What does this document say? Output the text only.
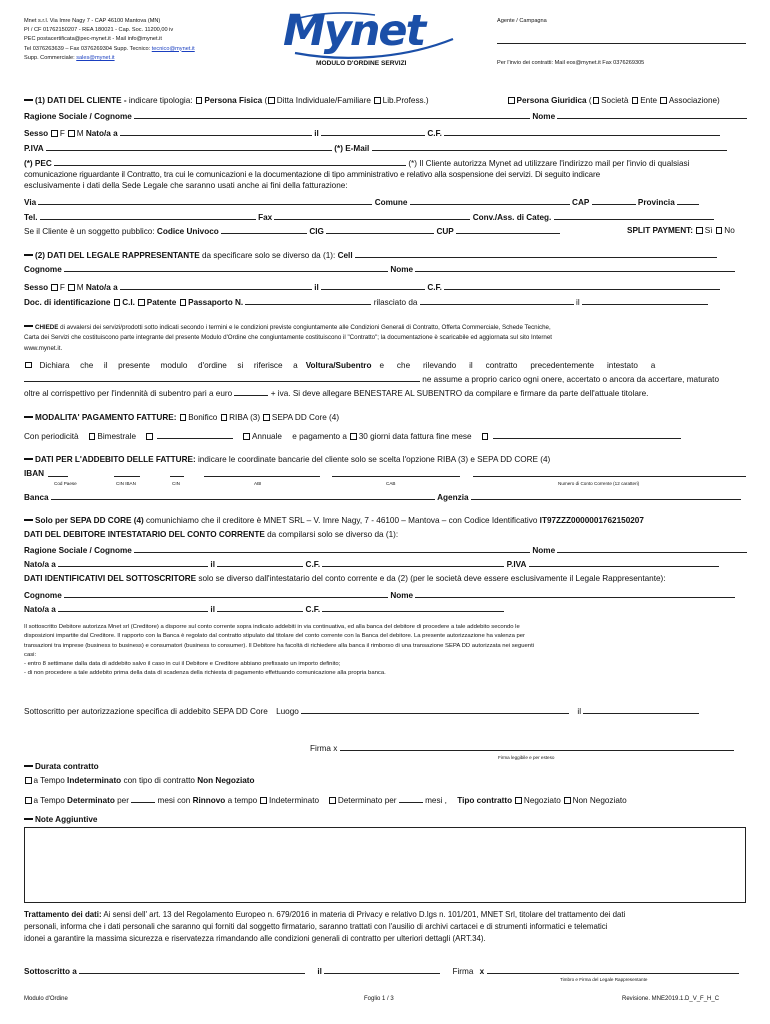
Mnet s.r.l. Via Imre Nagy 7 - CAP 46100 Mantova (MN)
PI / CF 01762150207 - REA 180021 - Cap. Soc. 11200,00 iv
PEC postacertificata@pec-mynet.it - Mail info@mynet.it
Tel 0376263639 – Fax 0376269304 Supp. Tecnico: tecnico@mynet.it
Supp. Commerciale: sales@mynet.it
Mynet
MODULO D'ORDINE SERVIZI
Agente / Campagna
Per l'invio dei contratti: Mail eos@mynet.it Fax 0376269305
(1) DATI DEL CLIENTE - indicare tipologia: Persona Fisica ( Ditta Individuale/Familiare Lib.Profess.)	Persona Giuridica ( Società Ente Associazione)
Ragione Sociale / Cognome	Nome
Sesso F M Nato/a a	il	C.F.
P.IVA	(*) E-Mail
(*) PEC	(*) Il Cliente autorizza Mynet ad utilizzare l'indirizzo mail per l'invio di qualsiasi
comunicazione riguardante il Contratto, tra cui le comunicazioni e la documentazione di tipo amministrativo e relativo alla sospensione dei servizi. Di seguito indicare
esclusivamente i dati della Sede Legale che saranno usati anche ai fini della fatturazione:
Via	Comune	CAP	Provincia
Tel.	Fax	Conv./Ass. di Categ.
Se il Cliente è un soggetto pubblico: Codice Univoco	CIG	CUP	SPLIT PAYMENT: Sì No
(2) DATI DEL LEGALE RAPPRESENTANTE da specificare solo se diverso da (1): Cell
Cognome	Nome
Sesso F M Nato/a a	il	C.F.
Doc. di identificazione C.I. Patente Passaporto N.	rilasciato da	il
CHIEDE di avvalersi dei servizi/prodotti sotto indicati secondo i termini e le condizioni previste congiuntamente alle Condizioni Generali di Contratto, Offerta Commerciale, Schede Tecniche,
Carta dei Servizi che costituiscono parte integrante del presente Modulo d'Ordine che congiuntamente costituiscono il "Contratto"; la documentazione è scaricabile ed aggiornata sul sito Internet
www.mynet.it.
Dichiara che il presente modulo d'ordine si riferisce a Voltura/Subentro e che rilevando il contratto precedentemente intestato a
ne assume a proprio carico ogni onere, accertato o ancora da accertare, maturato
oltre al corrispettivo per l'indennità di subentro pari a euro	+ iva. Si deve allegare BENESTARE AL SUBENTRO da compilare e firmare da parte dell'attuale titolare.
MODALITA' PAGAMENTO FATTURE: Bonifico RIBA (3) SEPA DD Core (4)
Con periodicità Bimestrale	Annuale e pagamento a 30 giorni data fattura fine mese
DATI PER L'ADDEBITO DELLE FATTURE: indicare le coordinate bancarie del cliente solo se scelta l'opzione RIBA (3) e SEPA DD CORE (4)
IBAN
Cod Paese	CIN IBAN	CIN	ABI	CAB	Numero di Conto Corrente (12 caratteri)
Banca	Agenzia
Solo per SEPA DD CORE (4) comunichiamo che il creditore è MNET SRL – V. Imre Nagy, 7 - 46100 – Mantova – con Codice Identificativo IT97ZZZ0000001762150207
DATI DEL DEBITORE INTESTATARIO DEL CONTO CORRENTE da compilarsi solo se diverso da (1):
Ragione Sociale / Cognome	Nome
Nato/a a	il	C.F.	P.IVA
DATI IDENTIFICATIVI DEL SOTTOSCRITORE solo se diverso dall'intestatario del conto corrente e da (2) (per le società deve essere esclusivamente il Legale Rappresentante):
Cognome	Nome
Nato/a a	il	C.F.
Il sottoscritto Debitore autorizza Mnet srl (Creditore) a disporre sul conto corrente sopra indicato addebiti in via continuativa, ed alla banca del debitore di procedere a tale addebito secondo le
disposizioni impartite dal Creditore. Il rapporto con la Banca è regolato dal contratto stipulato dal titolare del conto corrente con la Banca del debitore. La presente autorizzazione ha valenza per
transazioni tra imprese (business to business) e consumatori (business to consumer). Il Debitore ha facoltà di richiedere alla banca il rimborso di una transazione SEPA DD autorizzata nei seguenti
casi:
- entro 8 settimane dalla data di addebito salvo il caso in cui il Debitore e Creditore abbiano prefissato un importo definito;
- di non procedere a tale addebito prima della data di scadenza della richiesta di pagamento effettuando comunicazione alla propria banca.
Sottoscritto per autorizzazione specifica di addebito SEPA DD Core Luogo	il
Firma x
Firma leggibile e per esteso
Durata contratto
a Tempo Indeterminato con tipo di contratto Non Negoziato
a Tempo Determinato per	mesi con Rinnovo a tempo Indeterminato Determinato per	mesi , Tipo contratto Negoziato Non Negoziato
Note Aggiuntive
Trattamento dei dati: Ai sensi dell' art. 13 del Regolamento Europeo n. 679/2016 in materia di Privacy e relativo D.lgs n. 101/201, MNET Srl, titolare del trattamento dei dati
personali, informa che i dati personali che saranno qui forniti dal soggetto firmatario, saranno trattati con l'ausilio di archivi cartacei e di strumenti informatici e telematici
idonei a garantire la massima sicurezza e riservatezza rimandando alle condizioni generali di contratto per ulteriori dettagli (ART.34).
Sottoscritto a	il	Firma x
Timbro e Firma del Legale Rappresentante
Modulo d'Ordine	Foglio 1 / 3	Revisione. MNE2019.1.D_V_F_H_C
